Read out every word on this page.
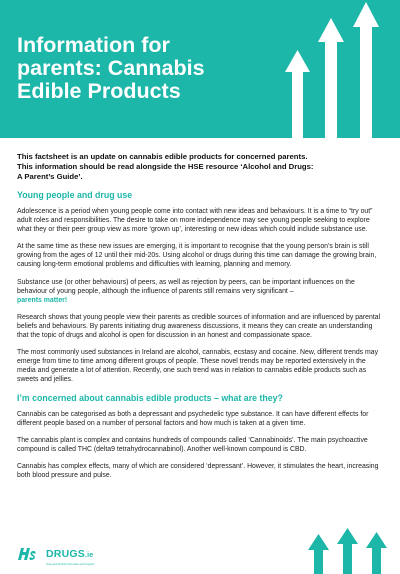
Information for
parents: Cannabis
Edible Products
This factsheet is an update on cannabis edible products for concerned parents.
This information should be read alongside the HSE resource ‘Alcohol and Drugs:
A Parent’s Guide’.
Young people and drug use

Adolescence is a period when young people come into contact with new ideas and behaviours. It is a time to “try out” adult roles and responsibilities. The desire to take on more independence may see young people seeking to explore what they or their peer group view as more ‘grown up’, interesting or new ideas which could include substance use.

At the same time as these new issues are emerging, it is important to recognise that the young person’s brain is still growing from the ages of 12 until their mid-20s. Using alcohol or drugs during this time can damage the growing brain, causing long-term emotional problems and difficulties with learning, planning and memory.

Substance use (or other behaviours) of peers, as well as rejection by peers, can be important influences on the behaviour of young people, although the influence of parents still remains very significant –
parents matter!

Research shows that young people view their parents as credible sources of information and are influenced by parental beliefs and behaviours. By parents initiating drug awareness discussions, it means they can create an understanding that the topic of drugs and alcohol is open for discussion in an honest and compassionate space.

The most commonly used substances in Ireland are alcohol, cannabis, ecstasy and cocaine. New, different trends may emerge from time to time among different groups of people. These novel trends may be reported extensively in the media and generate a lot of attention. Recently, one such trend was in relation to cannabis edible products such as sweets and jellies.

I’m concerned about cannabis edible products – what are they?

Cannabis can be categorised as both a depressant and psychedelic type substance. It can have different effects for different people based on a number of personal factors and how much is taken at a given time.

The cannabis plant is complex and contains hundreds of compounds called ‘Cannabinoids’. The main psychoactive compound is called THC (delta9 tetrahydrocannabinol). Another well-known compound is CBD.

Cannabis has complex effects, many of which are considered ‘depressant’. However, it stimulates the heart, increasing both blood pressure and pulse.

DRUGS.ie
Drug and Alcohol Information and Support
